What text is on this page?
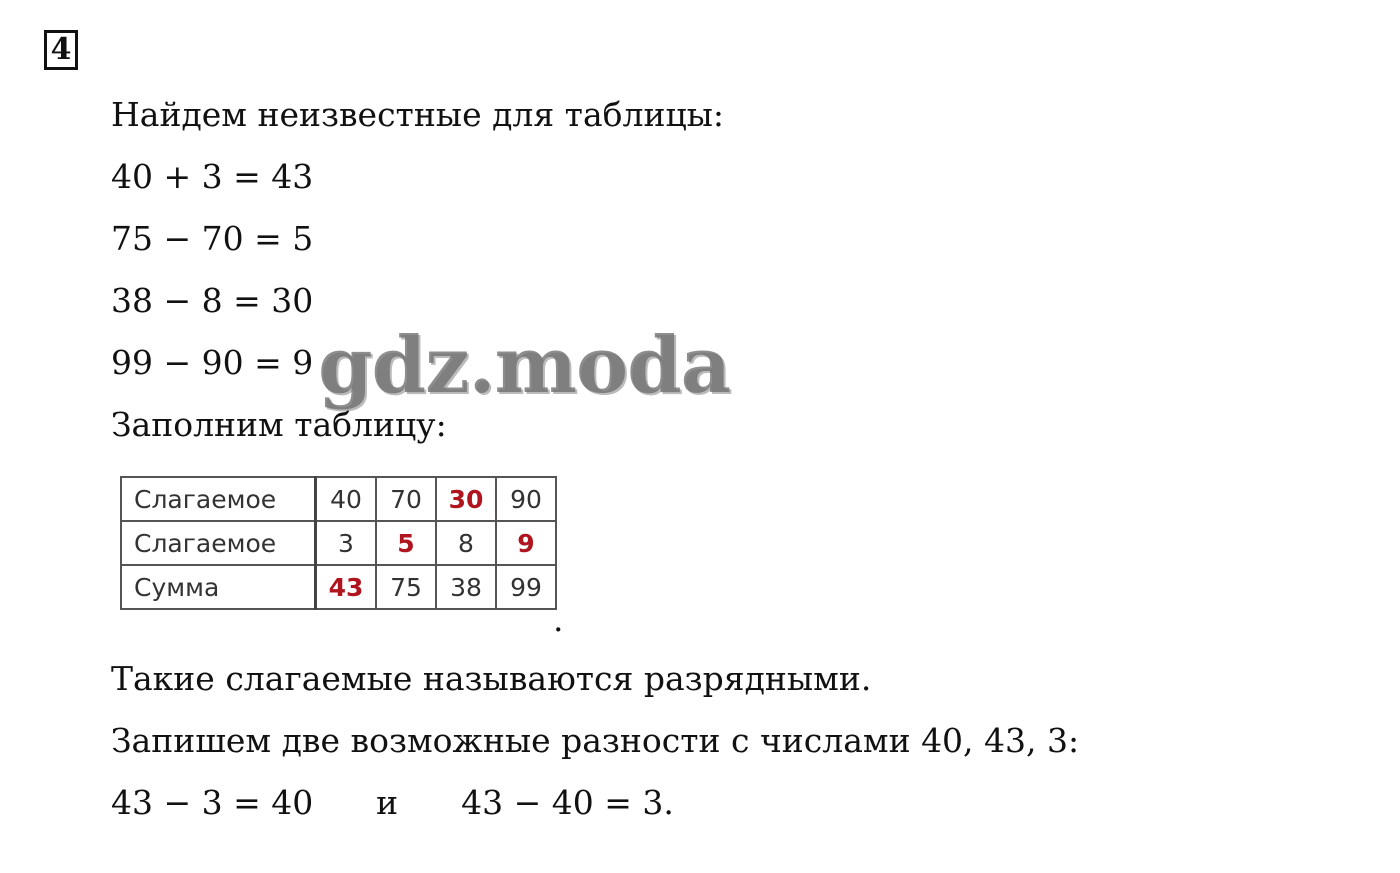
4
Найдем неизвестные для таблицы:
40 + 3 = 43
75 − 70 = 5
38 − 8 = 30
99 − 90 = 9
Заполним таблицу:
Слагаемое	40	70	30	90
Слагаемое	3	5	8	9
Сумма	43	75	38	99
.
Такие слагаемые называются разрядными.
Запишем две возможные разности с числами 40, 43, 3:
43 − 3 = 40      и      43 − 40 = 3.
gdz.moda
